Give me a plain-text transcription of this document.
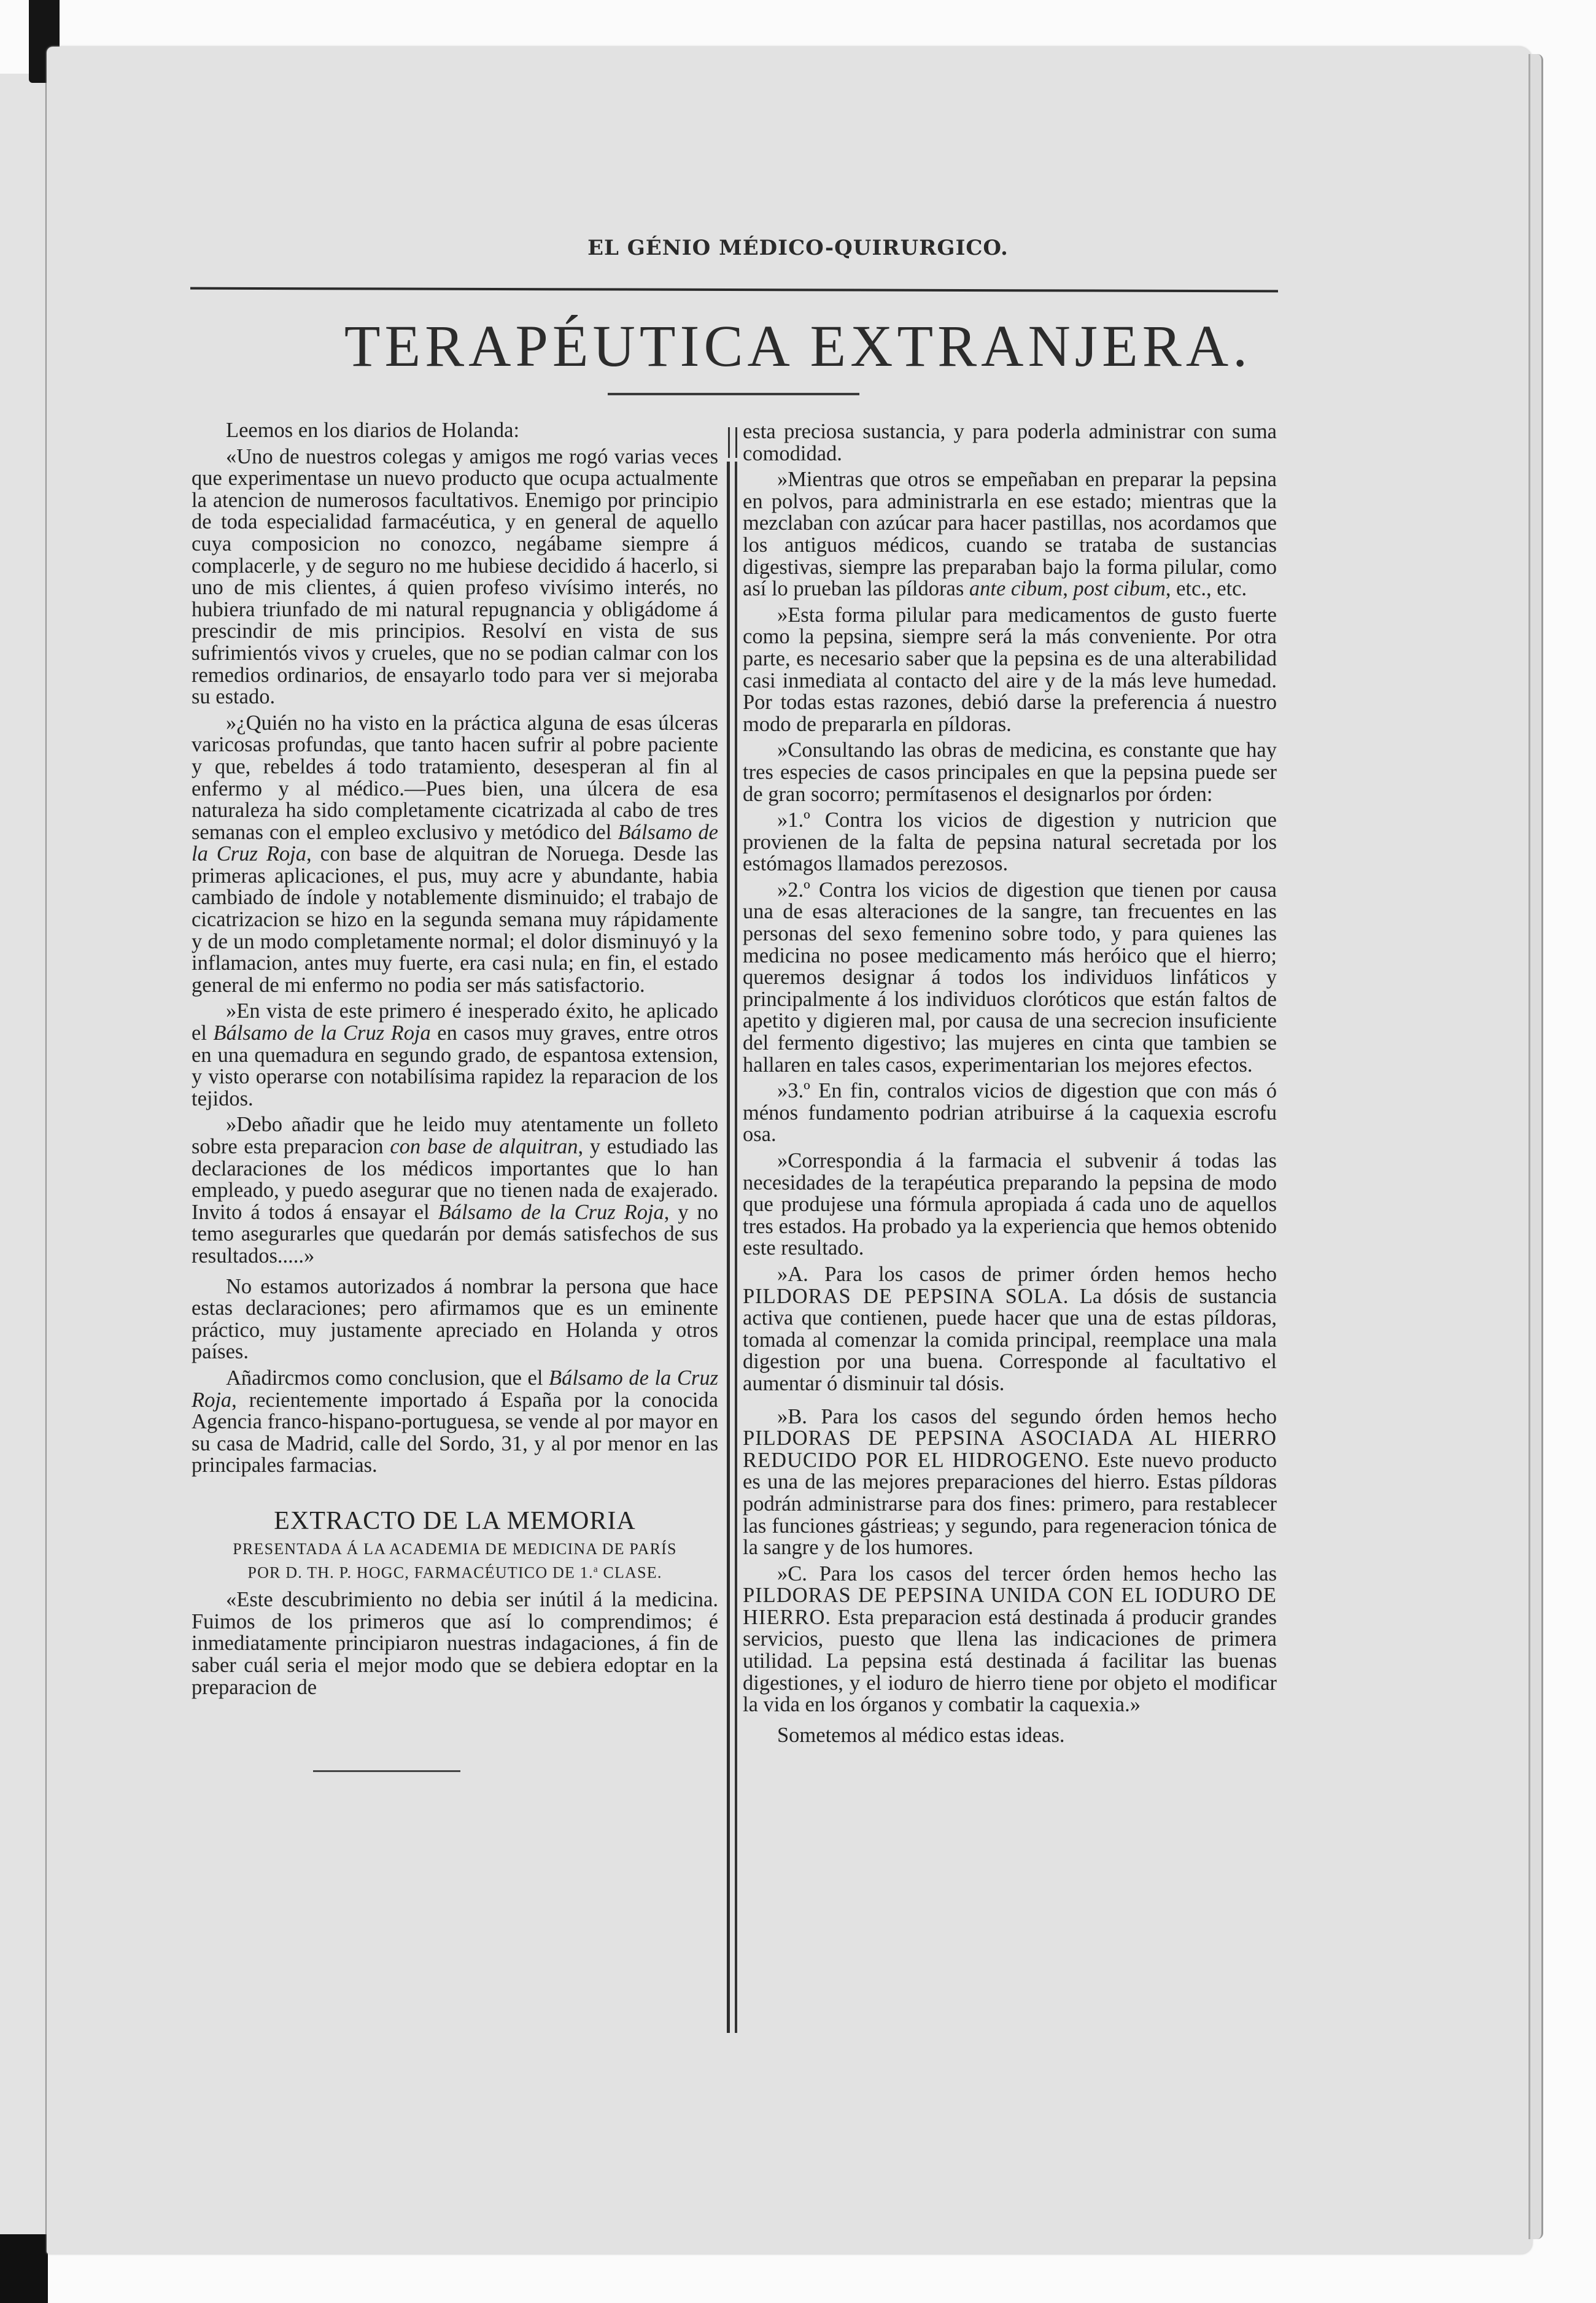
EL GÉNIO MÉDICO-QUIRURGICO.
TERAPÉUTICA EXTRANJERA.

Leemos en los diarios de Holanda:

«Uno de nuestros colegas y amigos me rogó varias veces que experimentase un nuevo producto que ocupa actualmente la atencion de numerosos facultativos. Enemigo por principio de toda especialidad farmacéutica, y en general de aquello cuya composicion no conozco, negábame siempre á complacerle, y de seguro no me hubiese decidido á hacerlo, si uno de mis clientes, á quien profeso vivísimo interés, no hubiera triunfado de mi natural repugnancia y obligádome á prescindir de mis principios. Resolví en vista de sus sufrimientós vivos y crueles, que no se podian calmar con los remedios ordinarios, de ensayarlo todo para ver si mejoraba su estado.

»¿Quién no ha visto en la práctica alguna de esas úlceras varicosas profundas, que tanto hacen sufrir al pobre paciente y que, rebeldes á todo tratamiento, desesperan al fin al enfermo y al médico.—Pues bien, una úlcera de esa naturaleza ha sido completamente cicatrizada al cabo de tres semanas con el empleo exclusivo y metódico del Bálsamo de la Cruz Roja, con base de alquitran de Noruega. Desde las primeras aplicaciones, el pus, muy acre y abundante, habia cambiado de índole y notablemente disminuido; el trabajo de cicatrizacion se hizo en la segunda semana muy rápidamente y de un modo completamente normal; el dolor disminuyó y la inflamacion, antes muy fuerte, era casi nula; en fin, el estado general de mi enfermo no podia ser más satisfactorio.

»En vista de este primero é inesperado éxito, he aplicado el Bálsamo de la Cruz Roja en casos muy graves, entre otros en una quemadura en segundo grado, de espantosa extension, y visto operarse con notabilísima rapidez la reparacion de los tejidos.

»Debo añadir que he leido muy atentamente un folleto sobre esta preparacion con base de alquitran, y estudiado las declaraciones de los médicos importantes que lo han empleado, y puedo asegurar que no tienen nada de exajerado. Invito á todos á ensayar el Bálsamo de la Cruz Roja, y no temo asegurarles que quedarán por demás satisfechos de sus resultados.....»

No estamos autorizados á nombrar la persona que hace estas declaraciones; pero afirmamos que es un eminente práctico, muy justamente apreciado en Holanda y otros países.

Añadircmos como conclusion, que el Bálsamo de la Cruz Roja, recientemente importado á España por la conocida Agencia franco-hispano-portuguesa, se vende al por mayor en su casa de Madrid, calle del Sordo, 31, y al por menor en las principales farmacias.

EXTRACTO DE LA MEMORIA

PRESENTADA Á LA ACADEMIA DE MEDICINA DE PARÍS

POR D. TH. P. HOGC, FARMACÉUTICO DE 1.$^a$ CLASE.

«Este descubrimiento no debia ser inútil á la medicina. Fuimos de los primeros que así lo comprendimos; é inmediatamente principiaron nuestras indagaciones, á fin de saber cuál seria el mejor modo que se debiera edoptar en la preparacion de

esta preciosa sustancia, y para poderla administrar con suma comodidad.

»Mientras que otros se empeñaban en preparar la pepsina en polvos, para administrarla en ese estado; mientras que la mezclaban con azúcar para hacer pastillas, nos acordamos que los antiguos médicos, cuando se trataba de sustancias digestivas, siempre las preparaban bajo la forma pilular, como así lo prueban las píldoras ante cibum, post cibum, etc., etc.

»Esta forma pilular para medicamentos de gusto fuerte como la pepsina, siempre será la más conveniente. Por otra parte, es necesario saber que la pepsina es de una alterabilidad casi inmediata al contacto del aire y de la más leve humedad. Por todas estas razones, debió darse la preferencia á nuestro modo de prepararla en píldoras.

»Consultando las obras de medicina, es constante que hay tres especies de casos principales en que la pepsina puede ser de gran socorro; permítasenos el designarlos por órden:

»1.º Contra los vicios de digestion y nutricion que provienen de la falta de pepsina natural secretada por los estómagos llamados perezosos.

»2.º Contra los vicios de digestion que tienen por causa una de esas alteraciones de la sangre, tan frecuentes en las personas del sexo femenino sobre todo, y para quienes las medicina no posee medicamento más heróico que el hierro; queremos designar á todos los individuos linfáticos y principalmente á los individuos cloróticos que están faltos de apetito y digieren mal, por causa de una secrecion insuficiente del fermento digestivo; las mujeres en cinta que tambien se hallaren en tales casos, experimentarian los mejores efectos.

»3.º En fin, contralos vicios de digestion que con más ó ménos fundamento podrian atribuirse á la caquexia escrofu osa.

»Correspondia á la farmacia el subvenir á todas las necesidades de la terapéutica preparando la pepsina de modo que produjese una fórmula apropiada á cada uno de aquellos tres estados. Ha probado ya la experiencia que hemos obtenido este resultado.

»A. Para los casos de primer órden hemos hecho PILDORAS DE PEPSINA SOLA. La dósis de sustancia activa que contienen, puede hacer que una de estas píldoras, tomada al comenzar la comida principal, reemplace una mala digestion por una buena. Corresponde al facultativo el aumentar ó disminuir tal dósis.

»B. Para los casos del segundo órden hemos hecho PILDORAS DE PEPSINA ASOCIADA AL HIERRO REDUCIDO POR EL HIDROGENO. Este nuevo producto es una de las mejores preparaciones del hierro. Estas píldoras podrán administrarse para dos fines: primero, para restablecer las funciones gástrieas; y segundo, para regeneracion tónica de la sangre y de los humores.

»C. Para los casos del tercer órden hemos hecho las PILDORAS DE PEPSINA UNIDA CON EL IODURO DE HIERRO. Esta preparacion está destinada á producir grandes servicios, puesto que llena las indicaciones de primera utilidad. La pepsina está destinada á facilitar las buenas digestiones, y el ioduro de hierro tiene por objeto el modificar la vida en los órganos y combatir la caquexia.»

Sometemos al médico estas ideas.
